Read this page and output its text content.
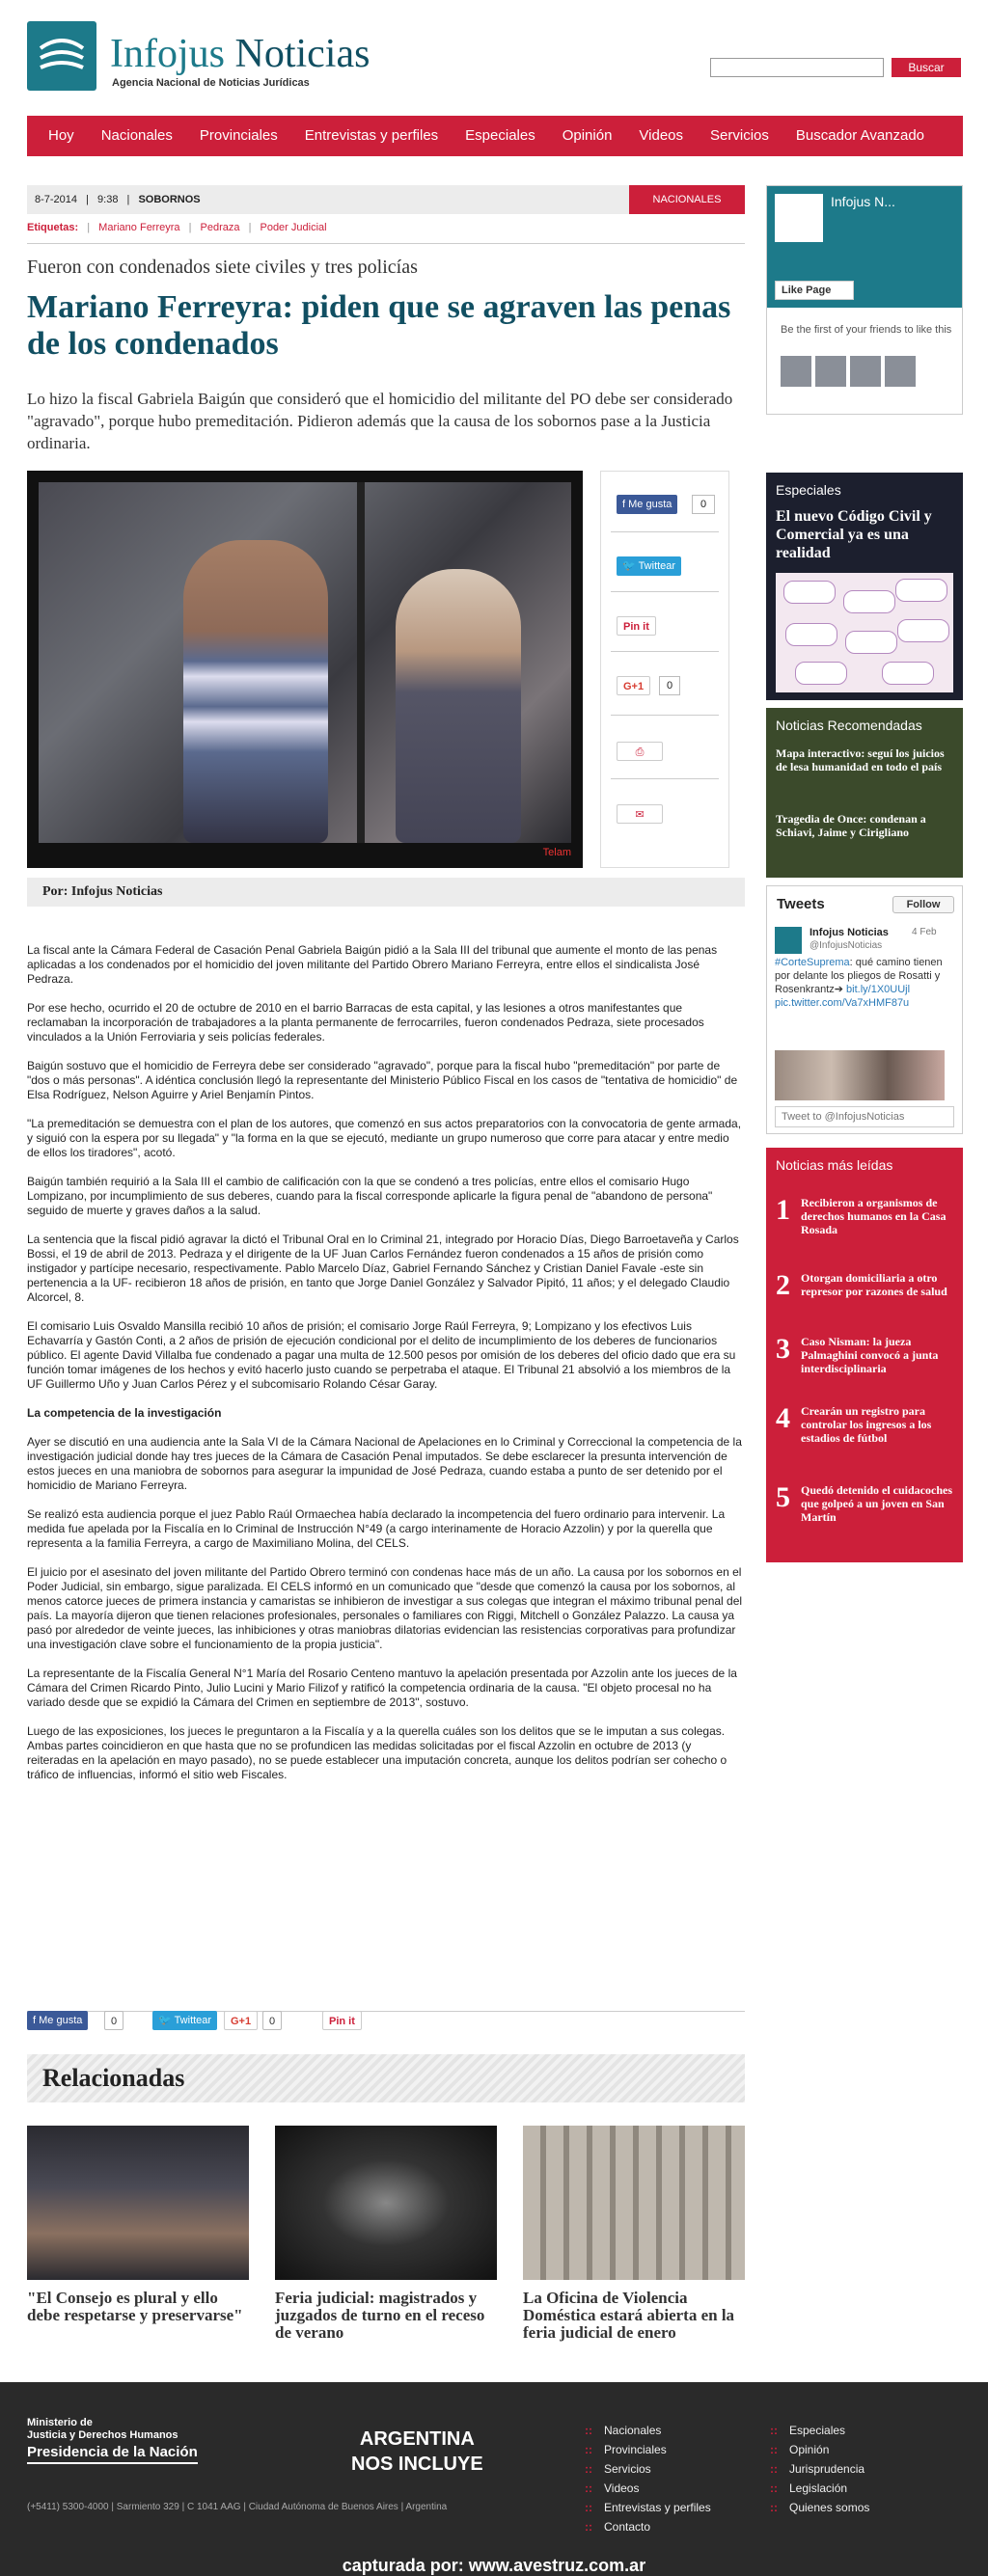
Infojus Noticias
Agencia Nacional de Noticias Jurídicas
Buscar
Hoy	Nacionales	Provinciales	Entrevistas y perfiles	Especiales	Opinión	Videos	Servicios	Buscador Avanzado
8-7-2014 | 9:38 | SOBORNOS	NACIONALES
Etiquetas: | Mariano Ferreyra | Pedraza | Poder Judicial
Fueron con condenados siete civiles y tres policías
Mariano Ferreyra: piden que se agraven las penas de los condenados
Lo hizo la fiscal Gabriela Baigún que consideró que el homicidio del militante del PO debe ser considerado "agravado", porque hubo premeditación. Pidieron además que la causa de los sobornos pase a la Justicia ordinaria.
Telam
f Me gusta	0
🐦 Twittear
Pin it
G+1	0
⎙
✉
Por: Infojus Noticias

La fiscal ante la Cámara Federal de Casación Penal Gabriela Baigún pidió a la Sala III del tribunal que aumente el monto de las penas aplicadas a los condenados por el homicidio del joven militante del Partido Obrero Mariano Ferreyra, entre ellos el sindicalista José Pedraza.

Por ese hecho, ocurrido el 20 de octubre de 2010 en el barrio Barracas de esta capital, y las lesiones a otros manifestantes que reclamaban la incorporación de trabajadores a la planta permanente de ferrocarriles, fueron condenados Pedraza, siete procesados vinculados a la Unión Ferroviaria y seis policías federales.

Baigún sostuvo que el homicidio de Ferreyra debe ser considerado "agravado", porque para la fiscal hubo "premeditación" por parte de "dos o más personas". A idéntica conclusión llegó la representante del Ministerio Público Fiscal en los casos de "tentativa de homicidio" de Elsa Rodríguez, Nelson Aguirre y Ariel Benjamín Pintos.

"La premeditación se demuestra con el plan de los autores, que comenzó en sus actos preparatorios con la convocatoria de gente armada, y siguió con la espera por su llegada" y "la forma en la que se ejecutó, mediante un grupo numeroso que corre para atacar y entre medio de ellos los tiradores", acotó.

Baigún también requirió a la Sala III el cambio de calificación con la que se condenó a tres policías, entre ellos el comisario Hugo Lompizano, por incumplimiento de sus deberes, cuando para la fiscal corresponde aplicarle la figura penal de "abandono de persona" seguido de muerte y graves daños a la salud.

La sentencia que la fiscal pidió agravar la dictó el Tribunal Oral en lo Criminal 21, integrado por Horacio Días, Diego Barroetaveña y Carlos Bossi, el 19 de abril de 2013. Pedraza y el dirigente de la UF Juan Carlos Fernández fueron condenados a 15 años de prisión como instigador y partícipe necesario, respectivamente. Pablo Marcelo Díaz, Gabriel Fernando Sánchez y Cristian Daniel Favale -este sin pertenencia a la UF- recibieron 18 años de prisión, en tanto que Jorge Daniel González y Salvador Pipitó, 11 años; y el delegado Claudio Alcorcel, 8.

El comisario Luis Osvaldo Mansilla recibió 10 años de prisión; el comisario Jorge Raúl Ferreyra, 9; Lompizano y los efectivos Luis Echavarría y Gastón Conti, a 2 años de prisión de ejecución condicional por el delito de incumplimiento de los deberes de funcionarios público. El agente David Villalba fue condenado a pagar una multa de 12.500 pesos por omisión de los deberes del oficio dado que era su función tomar imágenes de los hechos y evitó hacerlo justo cuando se perpetraba el ataque. El Tribunal 21 absolvió a los miembros de la UF Guillermo Uño y Juan Carlos Pérez y el subcomisario Rolando César Garay.

La competencia de la investigación

Ayer se discutió en una audiencia ante la Sala VI de la Cámara Nacional de Apelaciones en lo Criminal y Correccional la competencia de la investigación judicial donde hay tres jueces de la Cámara de Casación Penal imputados. Se debe esclarecer la presunta intervención de estos jueces en una maniobra de sobornos para asegurar la impunidad de José Pedraza, cuando estaba a punto de ser detenido por el homicidio de Mariano Ferreyra.

Se realizó esta audiencia porque el juez Pablo Raúl Ormaechea había declarado la incompetencia del fuero ordinario para intervenir. La medida fue apelada por la Fiscalía en lo Criminal de Instrucción N°49 (a cargo interinamente de Horacio Azzolin) y por la querella que representa a la familia Ferreyra, a cargo de Maximiliano Molina, del CELS.

El juicio por el asesinato del joven militante del Partido Obrero terminó con condenas hace más de un año. La causa por los sobornos en el Poder Judicial, sin embargo, sigue paralizada. El CELS informó en un comunicado que "desde que comenzó la causa por los sobornos, al menos catorce jueces de primera instancia y camaristas se inhibieron de investigar a sus colegas que integran el máximo tribunal penal del país. La mayoría dijeron que tienen relaciones profesionales, personales o familiares con Riggi, Mitchell o González Palazzo. La causa ya pasó por alrededor de veinte jueces, las inhibiciones y otras maniobras dilatorias evidencian las resistencias corporativas para profundizar una investigación clave sobre el funcionamiento de la propia justicia".

La representante de la Fiscalía General N°1 María del Rosario Centeno mantuvo la apelación presentada por Azzolin ante los jueces de la Cámara del Crimen Ricardo Pinto, Julio Lucini y Mario Filizof y ratificó la competencia ordinaria de la causa. "El objeto procesal no ha variado desde que se expidió la Cámara del Crimen en septiembre de 2013", sostuvo.

Luego de las exposiciones, los jueces le preguntaron a la Fiscalía y a la querella cuáles son los delitos que se le imputan a sus colegas. Ambas partes coincidieron en que hasta que no se profundicen las medidas solicitadas por el fiscal Azzolin en octubre de 2013 (y reiteradas en la apelación en mayo pasado), no se puede establecer una imputación concreta, aunque los delitos podrían ser cohecho o tráfico de influencias, informó el sitio web Fiscales.

f Me gusta	0	🐦 Twittear	G+1	0	Pin it
Relacionadas
"El Consejo es plural y ello debe respetarse y preservarse"
Feria judicial: magistrados y juzgados de turno en el receso de verano
La Oficina de Violencia Doméstica estará abierta en la feria judicial de enero
Infojus N...
Like Page
Be the first of your friends to like this
Especiales
El nuevo Código Civil y Comercial ya es una realidad
Noticias Recomendadas
Mapa interactivo: seguí los juicios de lesa humanidad en todo el país
Tragedia de Once: condenan a Schiavi, Jaime y Cirigliano
Tweets	Follow
Infojus Noticias
@InfojusNoticias
4 Feb
#CorteSuprema: qué camino tienen por delante los pliegos de Rosatti y Rosenkrantz➔ bit.ly/1X0UUjl pic.twitter.com/Va7xHMF87u
Tweet to @InfojusNoticias
Noticias más leídas
1 Recibieron a organismos de derechos humanos en la Casa Rosada
2 Otorgan domiciliaria a otro represor por razones de salud
3 Caso Nisman: la jueza Palmaghini convocó a junta interdisciplinaria
4 Crearán un registro para controlar los ingresos a los estadios de fútbol
5 Quedó detenido el cuidacoches que golpeó a un joven en San Martín
Ministerio de
Justicia y Derechos Humanos
Presidencia de la Nación
(+5411) 5300-4000 | Sarmiento 329 | C 1041 AAG | Ciudad Autónoma de Buenos Aires | Argentina
ARGENTINA
NOS INCLUYE
:: Nacionales
:: Provinciales
:: Servicios
:: Videos
:: Entrevistas y perfiles
:: Contacto
:: Especiales
:: Opinión
:: Jurisprudencia
:: Legislación
:: Quienes somos
capturada por: www.avestruz.com.ar
